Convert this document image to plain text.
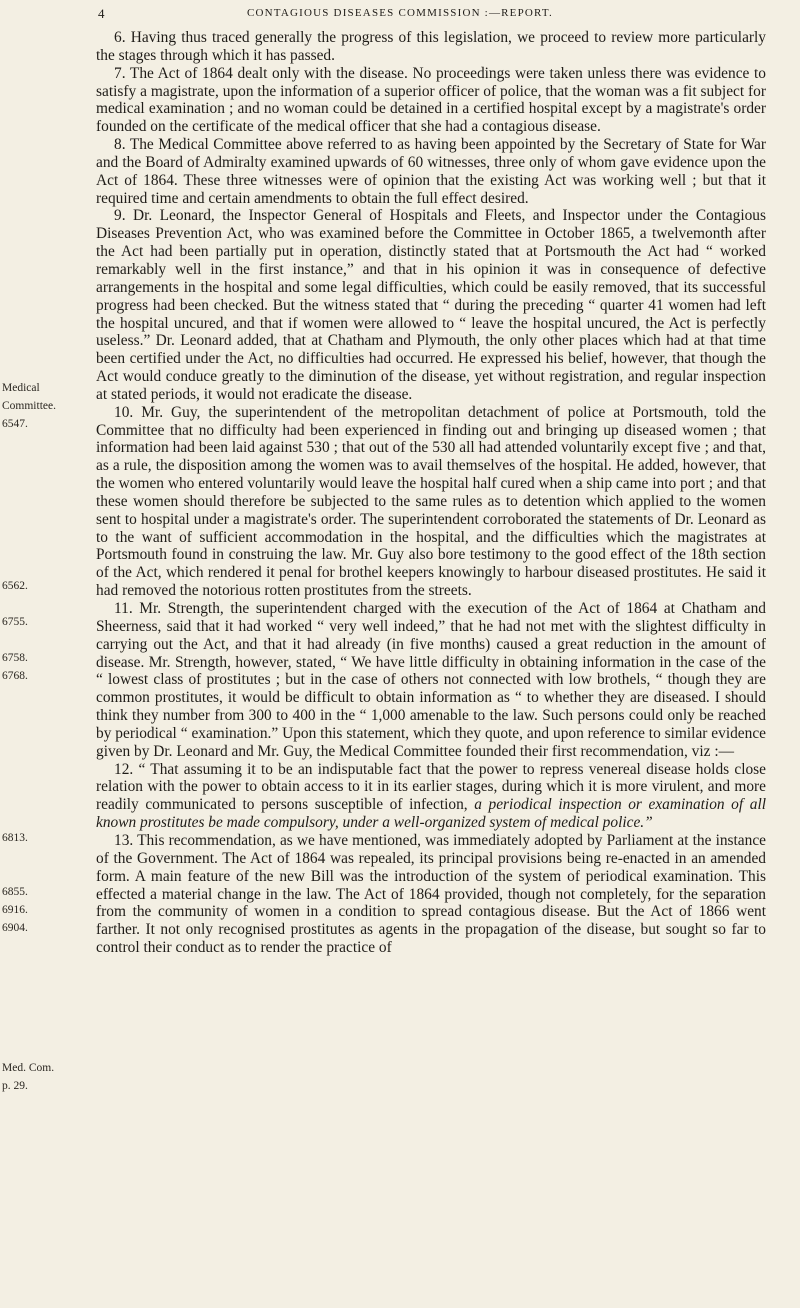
4	CONTAGIOUS DISEASES COMMISSION :—REPORT.

6. Having thus traced generally the progress of this legislation, we proceed to review more particularly the stages through which it has passed.

7. The Act of 1864 dealt only with the disease. No proceedings were taken unless there was evidence to satisfy a magistrate, upon the information of a superior officer of police, that the woman was a fit subject for medical examination ; and no woman could be detained in a certified hospital except by a magistrate's order founded on the certificate of the medical officer that she had a contagious disease.

8. The Medical Committee above referred to as having been appointed by the Secretary of State for War and the Board of Admiralty examined upwards of 60 witnesses, three only of whom gave evidence upon the Act of 1864. These three witnesses were of opinion that the existing Act was working well ; but that it required time and certain amendments to obtain the full effect desired.

9. Dr. Leonard, the Inspector General of Hospitals and Fleets, and Inspector under the Contagious Diseases Prevention Act, who was examined before the Committee in October 1865, a twelvemonth after the Act had been partially put in operation, distinctly stated that at Portsmouth the Act had “ worked remarkably well in the first instance,” and that in his opinion it was in consequence of defective arrangements in the hospital and some legal difficulties, which could be easily removed, that its successful progress had been checked. But the witness stated that “ during the preceding “ quarter 41 women had left the hospital uncured, and that if women were allowed to “ leave the hospital uncured, the Act is perfectly useless.” Dr. Leonard added, that at Chatham and Plymouth, the only other places which had at that time been certified under the Act, no difficulties had occurred. He expressed his belief, however, that though the Act would conduce greatly to the diminution of the disease, yet without registration, and regular inspection at stated periods, it would not eradicate the disease.

10. Mr. Guy, the superintendent of the metropolitan detachment of police at Portsmouth, told the Committee that no difficulty had been experienced in finding out and bringing up diseased women ; that information had been laid against 530 ; that out of the 530 all had attended voluntarily except five ; and that, as a rule, the disposition among the women was to avail themselves of the hospital. He added, however, that the women who entered voluntarily would leave the hospital half cured when a ship came into port ; and that these women should therefore be subjected to the same rules as to detention which applied to the women sent to hospital under a magistrate's order. The superintendent corroborated the statements of Dr. Leonard as to the want of sufficient accommodation in the hospital, and the difficulties which the magistrates at Portsmouth found in construing the law. Mr. Guy also bore testimony to the good effect of the 18th section of the Act, which rendered it penal for brothel keepers knowingly to harbour diseased prostitutes. He said it had removed the notorious rotten prostitutes from the streets.

11. Mr. Strength, the superintendent charged with the execution of the Act of 1864 at Chatham and Sheerness, said that it had worked “ very well indeed,” that he had not met with the slightest difficulty in carrying out the Act, and that it had already (in five months) caused a great reduction in the amount of disease. Mr. Strength, however, stated, “ We have little difficulty in obtaining information in the case of the “ lowest class of prostitutes ; but in the case of others not connected with low brothels, “ though they are common prostitutes, it would be difficult to obtain information as “ to whether they are diseased. I should think they number from 300 to 400 in the “ 1,000 amenable to the law. Such persons could only be reached by periodical “ examination.” Upon this statement, which they quote, and upon reference to similar evidence given by Dr. Leonard and Mr. Guy, the Medical Committee founded their first recommendation, viz :—

12. “ That assuming it to be an indisputable fact that the power to repress venereal disease holds close relation with the power to obtain access to it in its earlier stages, during which it is more virulent, and more readily communicated to persons susceptible of infection, a periodical inspection or examination of all known prostitutes be made compulsory, under a well-organized system of medical police.”

13. This recommendation, as we have mentioned, was immediately adopted by Parliament at the instance of the Government. The Act of 1864 was repealed, its principal provisions being re-enacted in an amended form. A main feature of the new Bill was the introduction of the system of periodical examination. This effected a material change in the law. The Act of 1864 provided, though not completely, for the separation from the community of women in a condition to spread contagious disease. But the Act of 1866 went farther. It not only recognised prostitutes as agents in the propagation of the disease, but sought so far to control their conduct as to render the practice of

Medical
Committee.
6547.
6562.
6755.
6758.
6768.
6813.
6855.
6916.
6904.
Med. Com.
p. 29.
